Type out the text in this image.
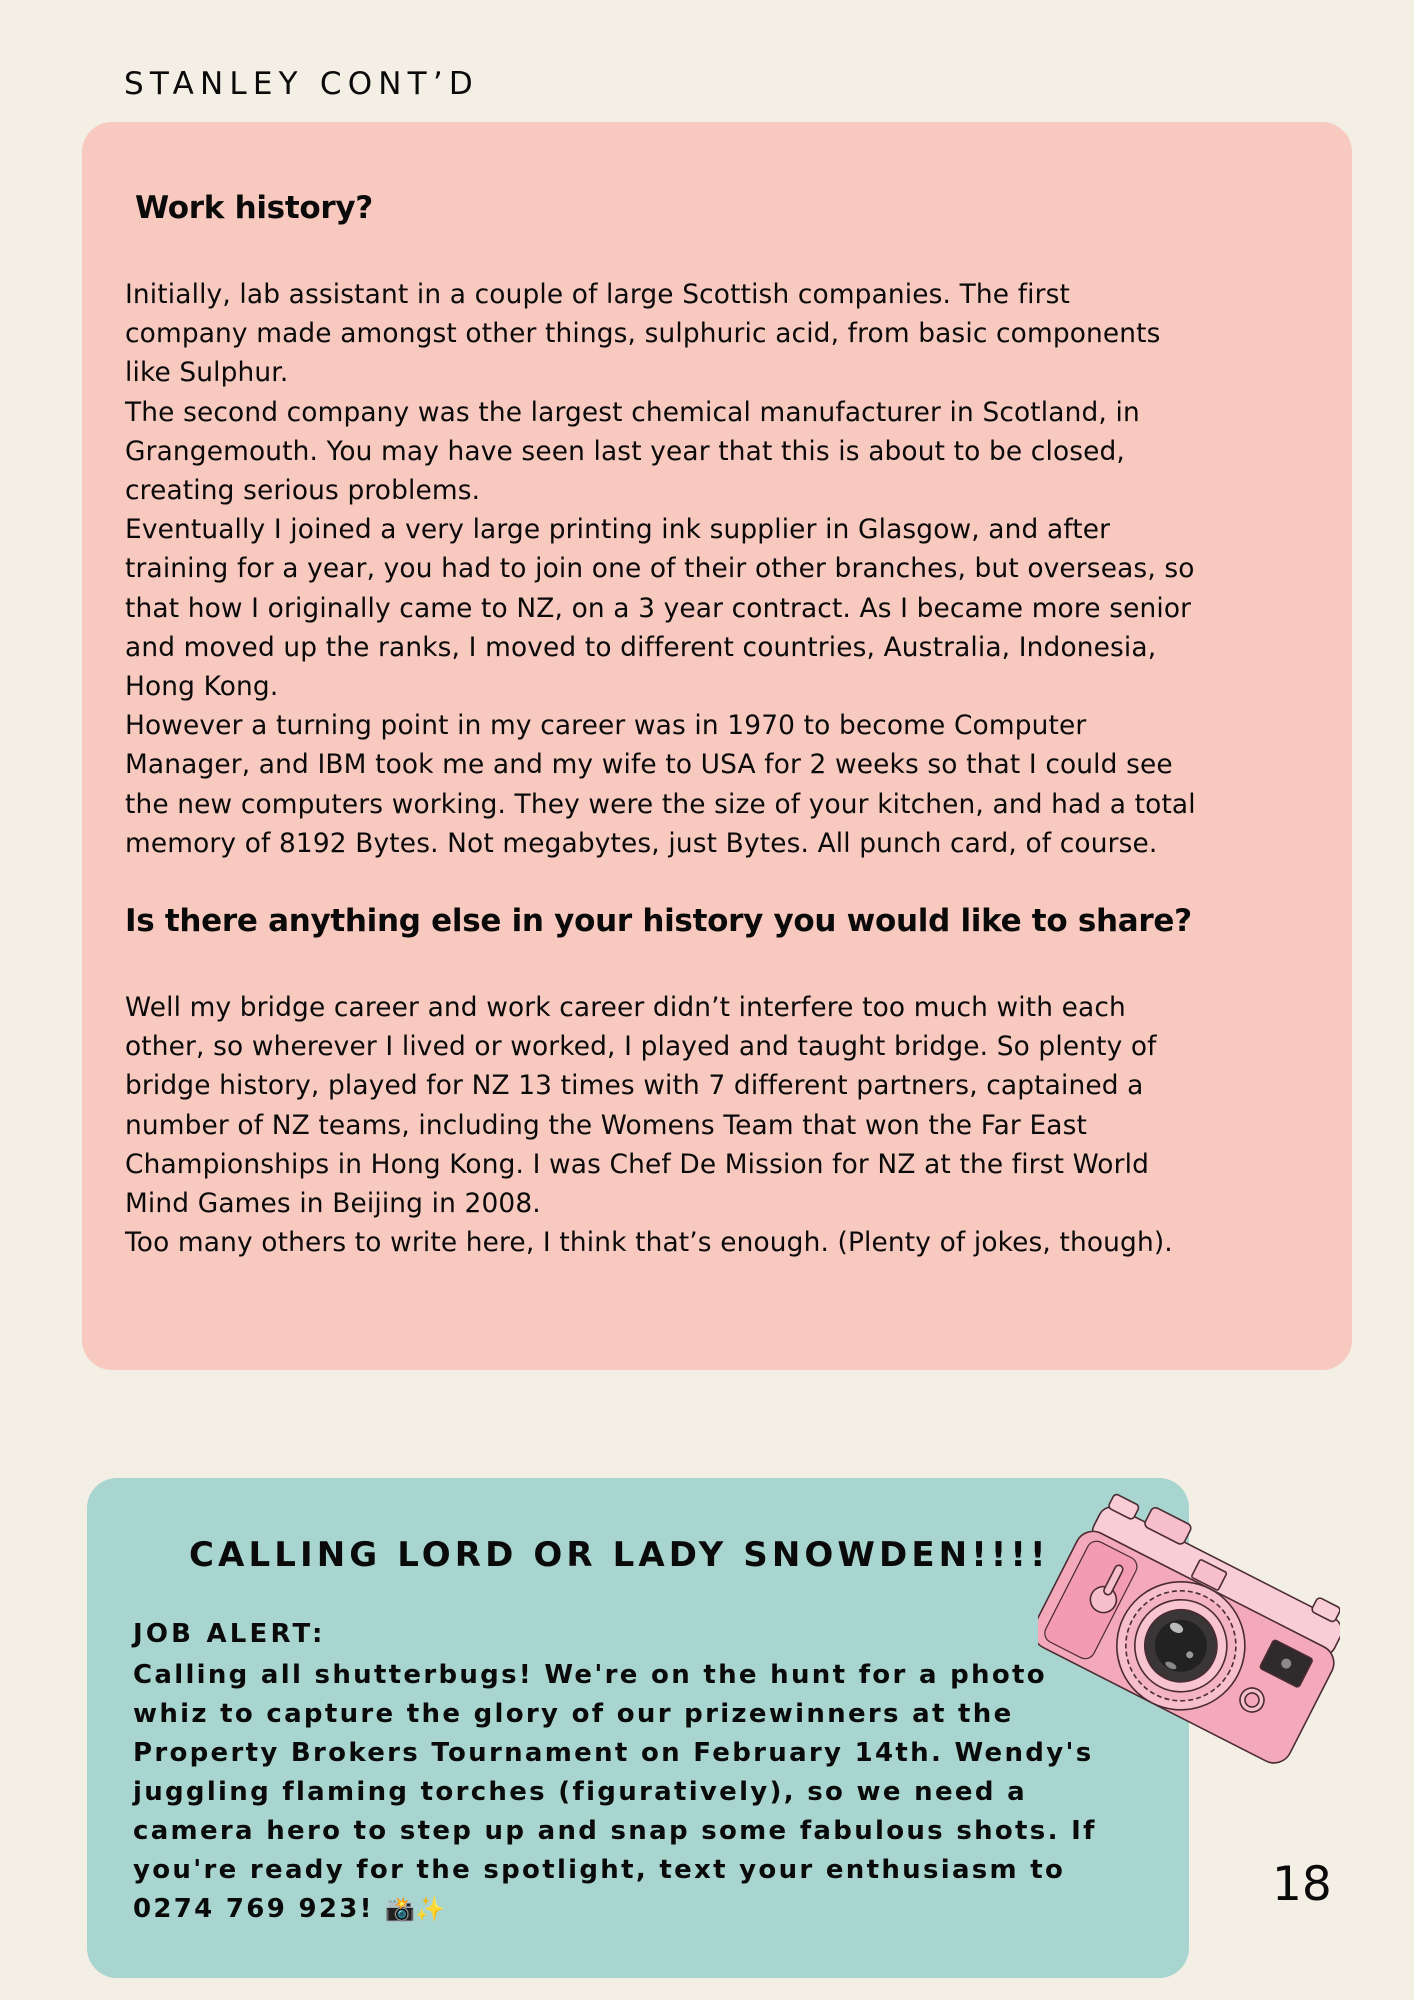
STANLEY CONT’D
Work history?
Initially, lab assistant in a couple of large Scottish companies. The first
company made amongst other things, sulphuric acid, from basic components
like Sulphur.
The second company was the largest chemical manufacturer in Scotland, in
Grangemouth. You may have seen last year that this is about to be closed,
creating serious problems.
Eventually I joined a very large printing ink supplier in Glasgow, and after
training for a year, you had to join one of their other branches, but overseas, so
that how I originally came to NZ, on a 3 year contract. As I became more senior
and moved up the ranks, I moved to different countries, Australia, Indonesia,
Hong Kong.
However a turning point in my career was in 1970 to become Computer
Manager, and IBM took me and my wife to USA for 2 weeks so that I could see
the new computers working. They were the size of your kitchen, and had a total
memory of 8192 Bytes. Not megabytes, just Bytes. All punch card, of course.
Is there anything else in your history you would like to share?
Well my bridge career and work career didn’t interfere too much with each
other, so wherever I lived or worked, I played and taught bridge. So plenty of
bridge history, played for NZ 13 times with 7 different partners, captained a
number of NZ teams, including the Womens Team that won the Far East
Championships in Hong Kong. I was Chef De Mission for NZ at the first World
Mind Games in Beijing in 2008.
Too many others to write here, I think that’s enough. (Plenty of jokes, though).
CALLING LORD OR LADY SNOWDEN!!!!
JOB ALERT:
Calling all shutterbugs! We're on the hunt for a photo
whiz to capture the glory of our prizewinners at the
Property Brokers Tournament on February 14th. Wendy's
juggling flaming torches (figuratively), so we need a
camera hero to step up and snap some fabulous shots. If
you're ready for the spotlight, text your enthusiasm to
0274 769 923! 📸✨	18
